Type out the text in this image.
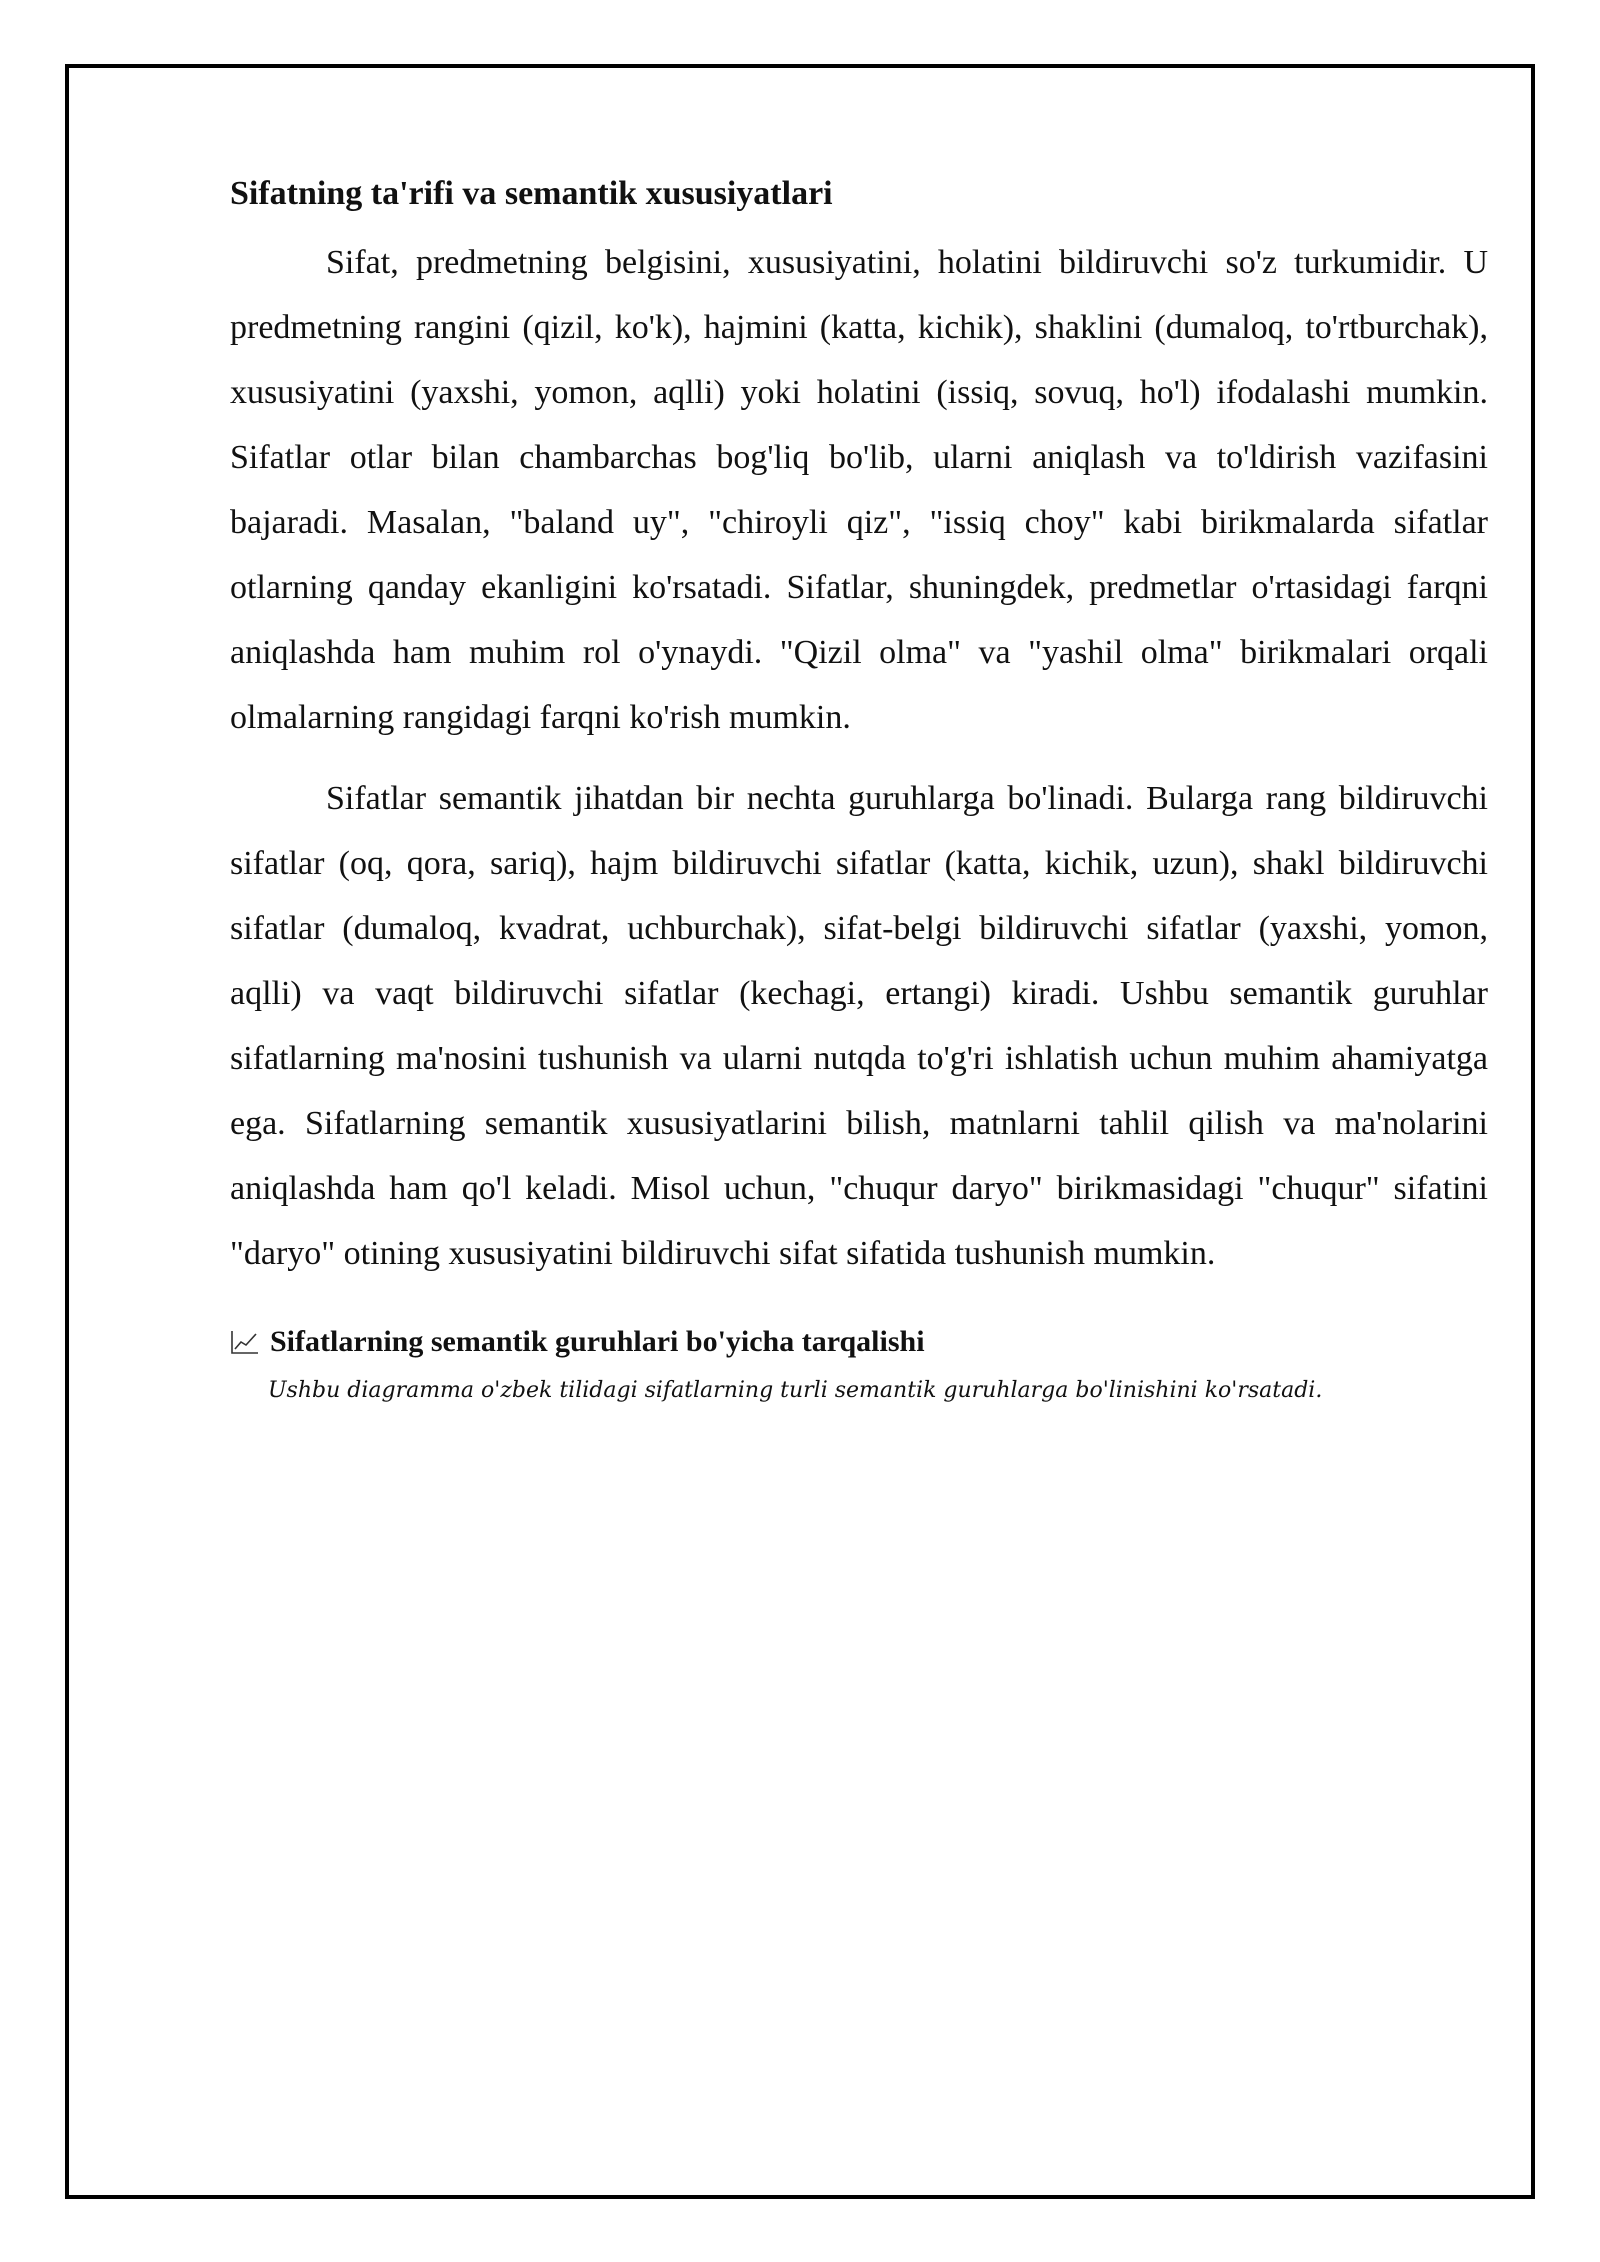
Sifatning ta'rifi va semantik xususiyatlari

Sifat, predmetning belgisini, xususiyatini, holatini bildiruvchi so'z turkumidir. U predmetning rangini (qizil, ko'k), hajmini (katta, kichik), shaklini (dumaloq, to'rtburchak), xususiyatini (yaxshi, yomon, aqlli) yoki holatini (issiq, sovuq, ho'l) ifodalashi mumkin. Sifatlar otlar bilan chambarchas bog'liq bo'lib, ularni aniqlash va to'ldirish vazifasini bajaradi. Masalan, "baland uy", "chiroyli qiz", "issiq choy" kabi birikmalarda sifatlar otlarning qanday ekanligini ko'rsatadi. Sifatlar, shuningdek, predmetlar o'rtasidagi farqni aniqlashda ham muhim rol o'ynaydi. "Qizil olma" va "yashil olma" birikmalari orqali olmalarning rangidagi farqni ko'rish mumkin.

Sifatlar semantik jihatdan bir nechta guruhlarga bo'linadi. Bularga rang bildiruvchi sifatlar (oq, qora, sariq), hajm bildiruvchi sifatlar (katta, kichik, uzun), shakl bildiruvchi sifatlar (dumaloq, kvadrat, uchburchak), sifat-belgi bildiruvchi sifatlar (yaxshi, yomon, aqlli) va vaqt bildiruvchi sifatlar (kechagi, ertangi) kiradi. Ushbu semantik guruhlar sifatlarning ma'nosini tushunish va ularni nutqda to'g'ri ishlatish uchun muhim ahamiyatga ega. Sifatlarning semantik xususiyatlarini bilish, matnlarni tahlil qilish va ma'nolarini aniqlashda ham qo'l keladi. Misol uchun, "chuqur daryo" birikmasidagi "chuqur" sifatini "daryo" otining xususiyatini bildiruvchi sifat sifatida tushunish mumkin.

Sifatlarning semantik guruhlari bo'yicha tarqalishi
Ushbu diagramma o'zbek tilidagi sifatlarning turli semantik guruhlarga bo'linishini ko'rsatadi.
